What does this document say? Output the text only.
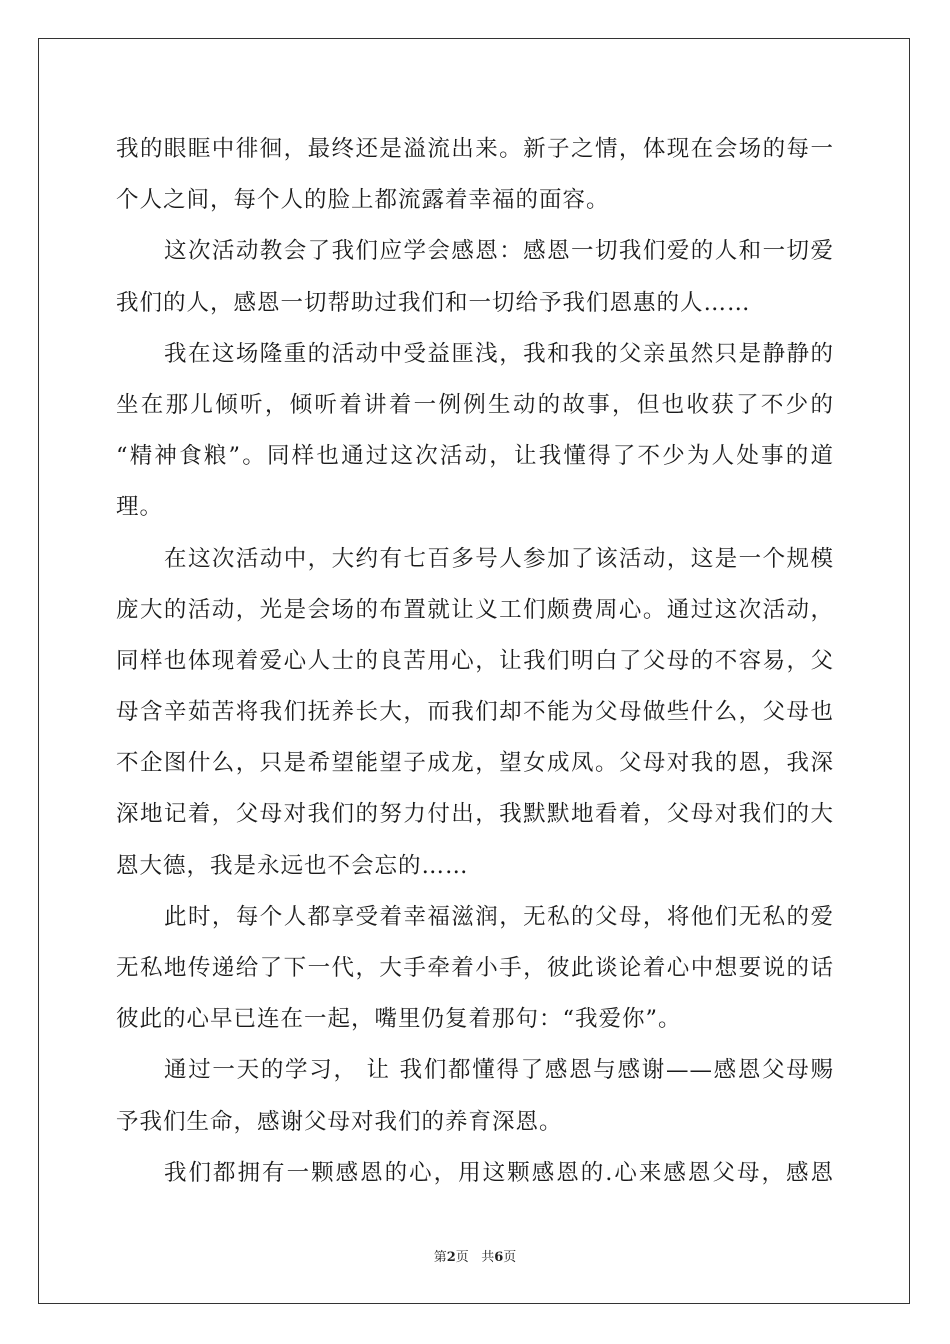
我的眼眶中徘徊，最终还是溢流出来。新子之情，体现在会场的每一
个人之间，每个人的脸上都流露着幸福的面容。
这次活动教会了我们应学会感恩：感恩一切我们爱的人和一切爱
我们的人，感恩一切帮助过我们和一切给予我们恩惠的人……
我在这场隆重的活动中受益匪浅，我和我的父亲虽然只是静静的
坐在那儿倾听，倾听着讲着一例例生动的故事，但也收获了不少的
“精神食粮”。同样也通过这次活动，让我懂得了不少为人处事的道
理。
在这次活动中，大约有七百多号人参加了该活动，这是一个规模
庞大的活动，光是会场的布置就让义工们颇费周心。通过这次活动，
同样也体现着爱心人士的良苦用心，让我们明白了父母的不容易，父
母含辛茹苦将我们抚养长大，而我们却不能为父母做些什么，父母也
不企图什么，只是希望能望子成龙，望女成凤。父母对我的恩，我深
深地记着，父母对我们的努力付出，我默默地看着，父母对我们的大
恩大德，我是永远也不会忘的……
此时，每个人都享受着幸福滋润，无私的父母，将他们无私的爱
无私地传递给了下一代，大手牵着小手，彼此谈论着心中想要说的话
彼此的心早已连在一起，嘴里仍复着那句：“我爱你”。
通过一天的学习， 让 我们都懂得了感恩与感谢——感恩父母赐
予我们生命，感谢父母对我们的养育深恩。
我们都拥有一颗感恩的心，用这颗感恩的.心来感恩父母，感恩
第2页 共6页
